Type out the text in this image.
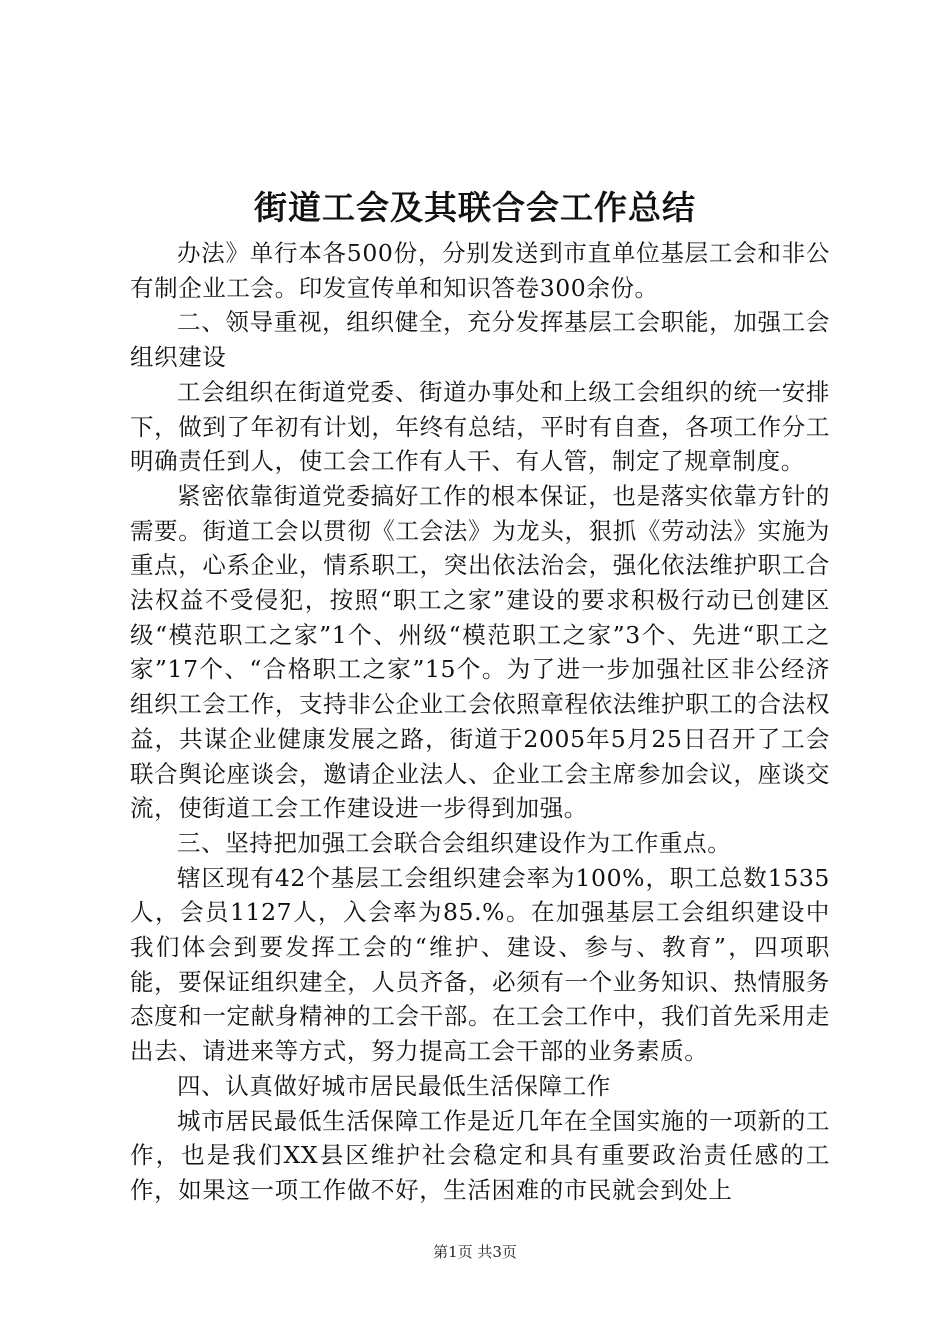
街道工会及其联合会工作总结

办法》单行本各500份，分别发送到市直单位基层工会和非公有制企业工会。印发宣传单和知识答卷300余份。

二、领导重视，组织健全，充分发挥基层工会职能，加强工会组织建设

工会组织在街道党委、街道办事处和上级工会组织的统一安排下，做到了年初有计划，年终有总结，平时有自查，各项工作分工明确责任到人，使工会工作有人干、有人管，制定了规章制度。

紧密依靠街道党委搞好工作的根本保证，也是落实依靠方针的需要。街道工会以贯彻《工会法》为龙头，狠抓《劳动法》实施为重点，心系企业，情系职工，突出依法治会，强化依法维护职工合法权益不受侵犯，按照“职工之家”建设的要求积极行动已创建区级“模范职工之家”1个、州级“模范职工之家”3个、先进“职工之家”17个、“合格职工之家”15个。为了进一步加强社区非公经济组织工会工作，支持非公企业工会依照章程依法维护职工的合法权益，共谋企业健康发展之路，街道于2005年5月25日召开了工会联合舆论座谈会，邀请企业法人、企业工会主席参加会议，座谈交流，使街道工会工作建设进一步得到加强。

三、坚持把加强工会联合会组织建设作为工作重点。

辖区现有42个基层工会组织建会率为100%，职工总数1535人，会员1127人，入会率为85.%。在加强基层工会组织建设中我们体会到要发挥工会的“维护、建设、参与、教育”，四项职能，要保证组织建全，人员齐备，必须有一个业务知识、热情服务态度和一定献身精神的工会干部。在工会工作中，我们首先采用走出去、请进来等方式，努力提高工会干部的业务素质。

四、认真做好城市居民最低生活保障工作

城市居民最低生活保障工作是近几年在全国实施的一项新的工作，也是我们XX县区维护社会稳定和具有重要政治责任感的工作，如果这一项工作做不好，生活困难的市民就会到处上

第1页 共3页
